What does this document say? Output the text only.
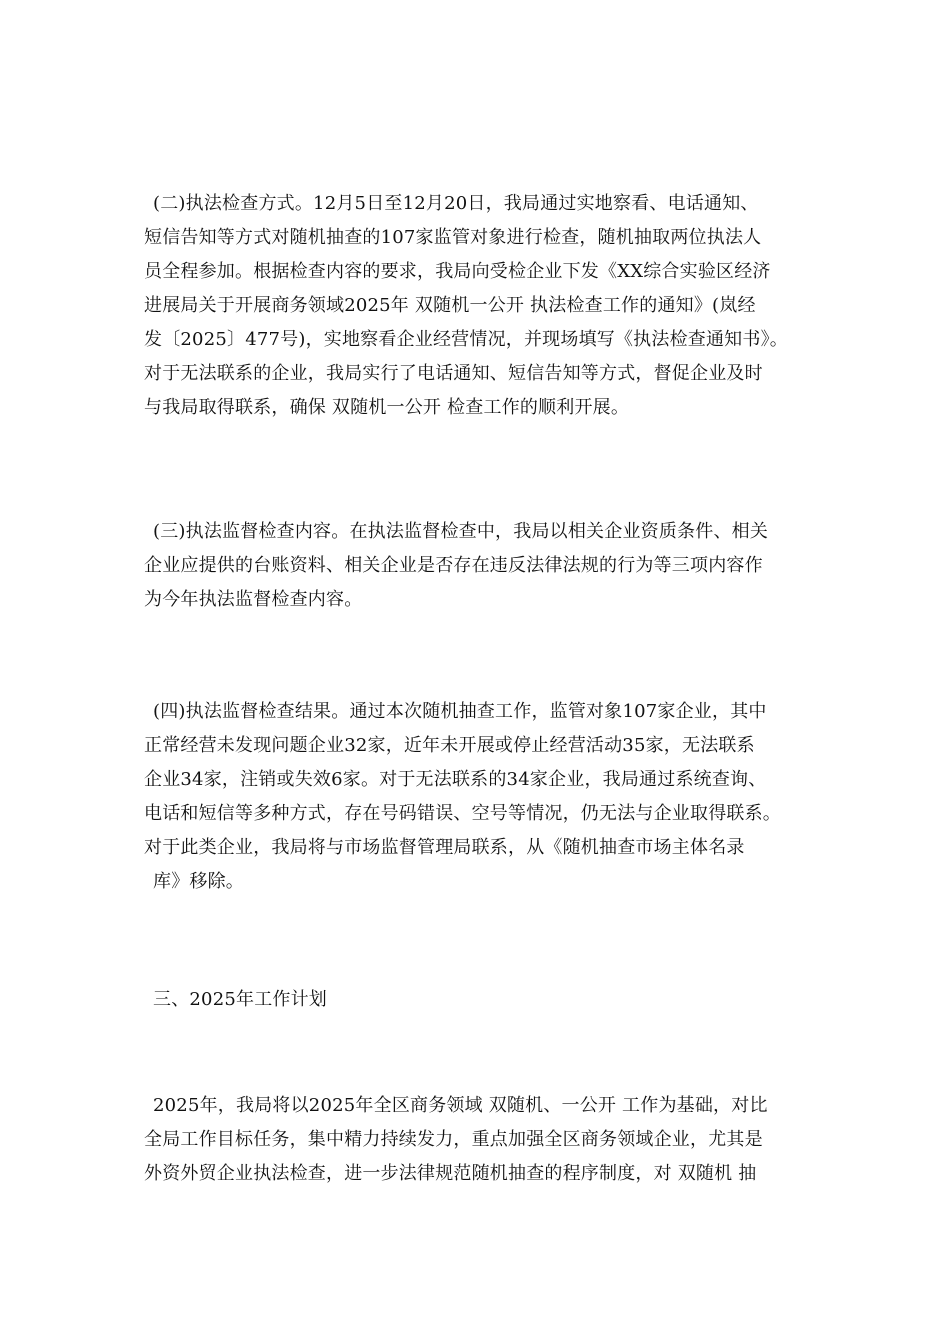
(二)执法检查方式。12月5日至12月20日，我局通过实地察看、电话通知、
短信告知等方式对随机抽查的107家监管对象进行检查，随机抽取两位执法人
员全程参加。根据检查内容的要求，我局向受检企业下发《XX综合实验区经济
进展局关于开展商务领域2025年 双随机一公开 执法检查工作的通知》(岚经
发〔2025〕477号)，实地察看企业经营情况，并现场填写《执法检查通知书》。
对于无法联系的企业，我局实行了电话通知、短信告知等方式，督促企业及时
与我局取得联系，确保 双随机一公开 检查工作的顺利开展。
(三)执法监督检查内容。在执法监督检查中，我局以相关企业资质条件、相关
企业应提供的台账资料、相关企业是否存在违反法律法规的行为等三项内容作
为今年执法监督检查内容。
(四)执法监督检查结果。通过本次随机抽查工作，监管对象107家企业，其中
正常经营未发现问题企业32家，近年未开展或停止经营活动35家，无法联系
企业34家，注销或失效6家。对于无法联系的34家企业，我局通过系统查询、
电话和短信等多种方式，存在号码错误、空号等情况，仍无法与企业取得联系。
对于此类企业，我局将与市场监督管理局联系，从《随机抽查市场主体名录
库》移除。
三、2025年工作计划
2025年，我局将以2025年全区商务领域 双随机、一公开 工作为基础，对比
全局工作目标任务，集中精力持续发力，重点加强全区商务领域企业，尤其是
外资外贸企业执法检查，进一步法律规范随机抽查的程序制度，对 双随机 抽
